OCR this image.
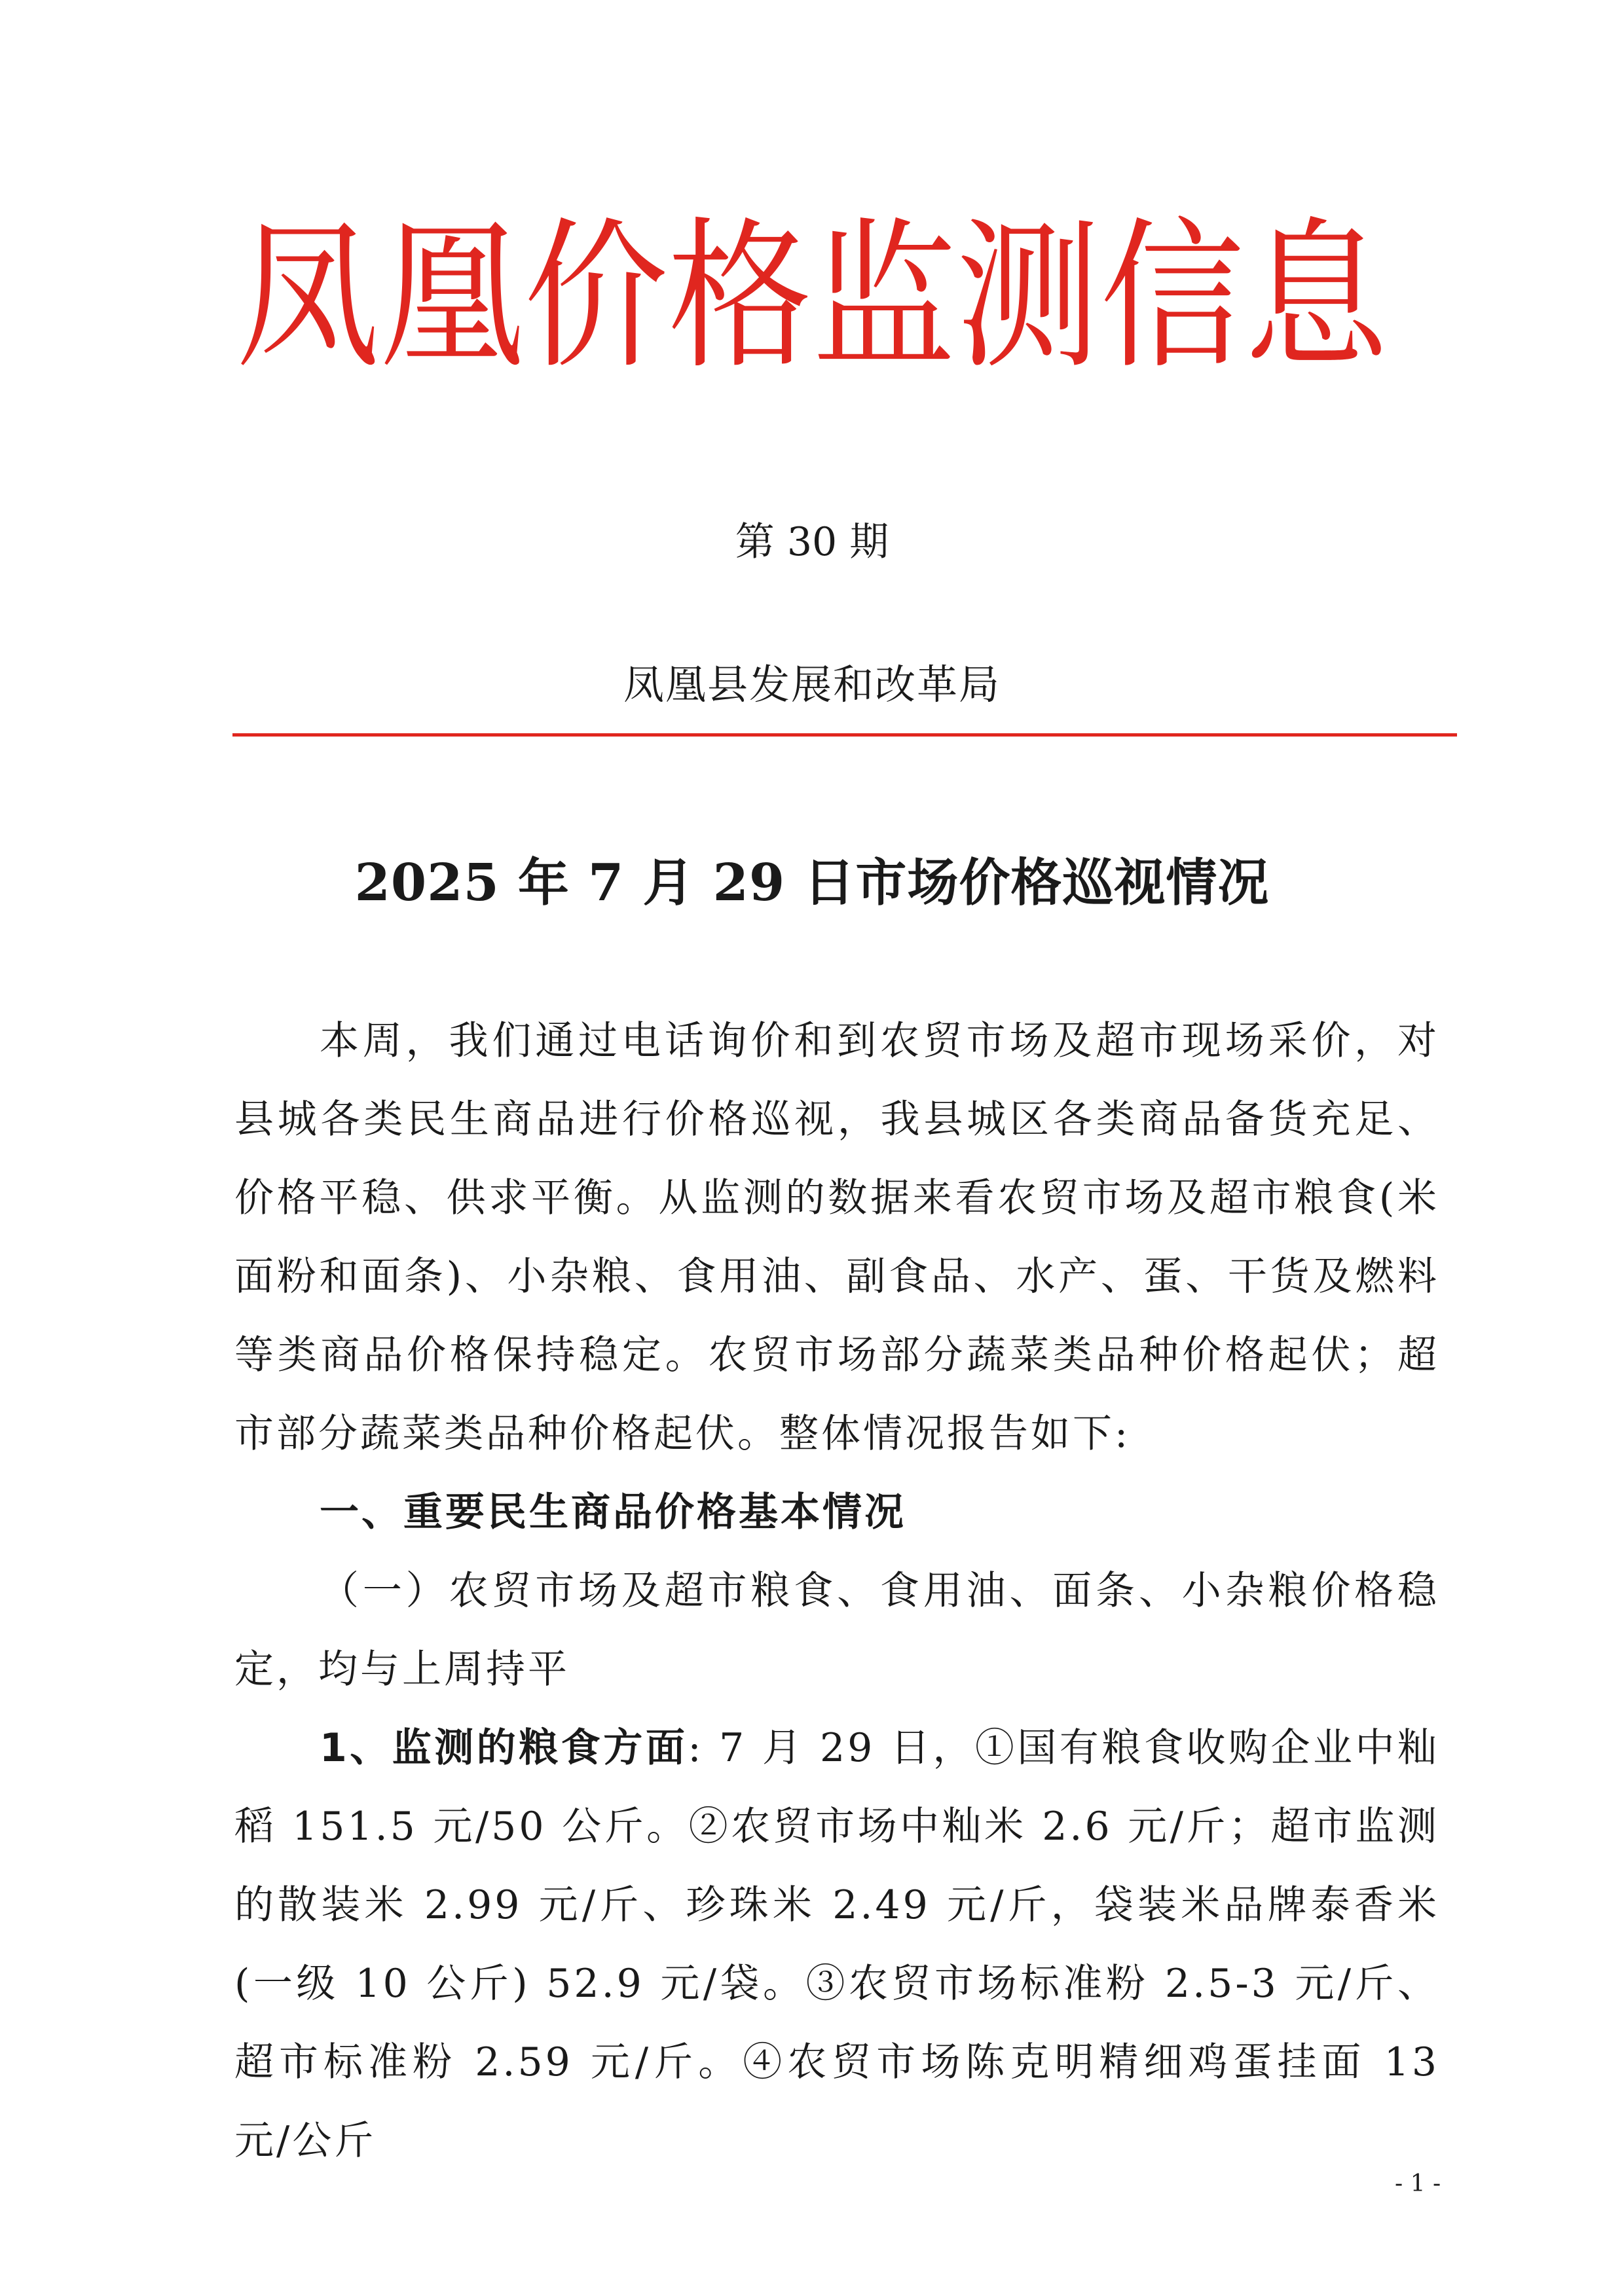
凤凰价格监测信息
第 30 期
凤凰县发展和改革局
2025 年 7 月 29 日市场价格巡视情况

本周，我们通过电话询价和到农贸市场及超市现场采价，对县城各类民生商品进行价格巡视，我县城区各类商品备货充足、价格平稳、供求平衡。从监测的数据来看农贸市场及超市粮食(米面粉和面条)、小杂粮、食用油、副食品、水产、蛋、干货及燃料等类商品价格保持稳定。农贸市场部分蔬菜类品种价格起伏；超市部分蔬菜类品种价格起伏。整体情况报告如下:

一、重要民生商品价格基本情况

（一）农贸市场及超市粮食、食用油、面条、小杂粮价格稳定，均与上周持平

1、监测的粮食方面: 7 月 29 日，①国有粮食收购企业中籼稻 151.5 元/50 公斤。②农贸市场中籼米 2.6 元/斤；超市监测的散装米 2.99 元/斤、珍珠米 2.49 元/斤，袋装米品牌泰香米(一级 10 公斤) 52.9 元/袋。③农贸市场标准粉 2.5-3 元/斤、超市标准粉 2.59 元/斤。④农贸市场陈克明精细鸡蛋挂面 13 元/公斤

- 1 -
